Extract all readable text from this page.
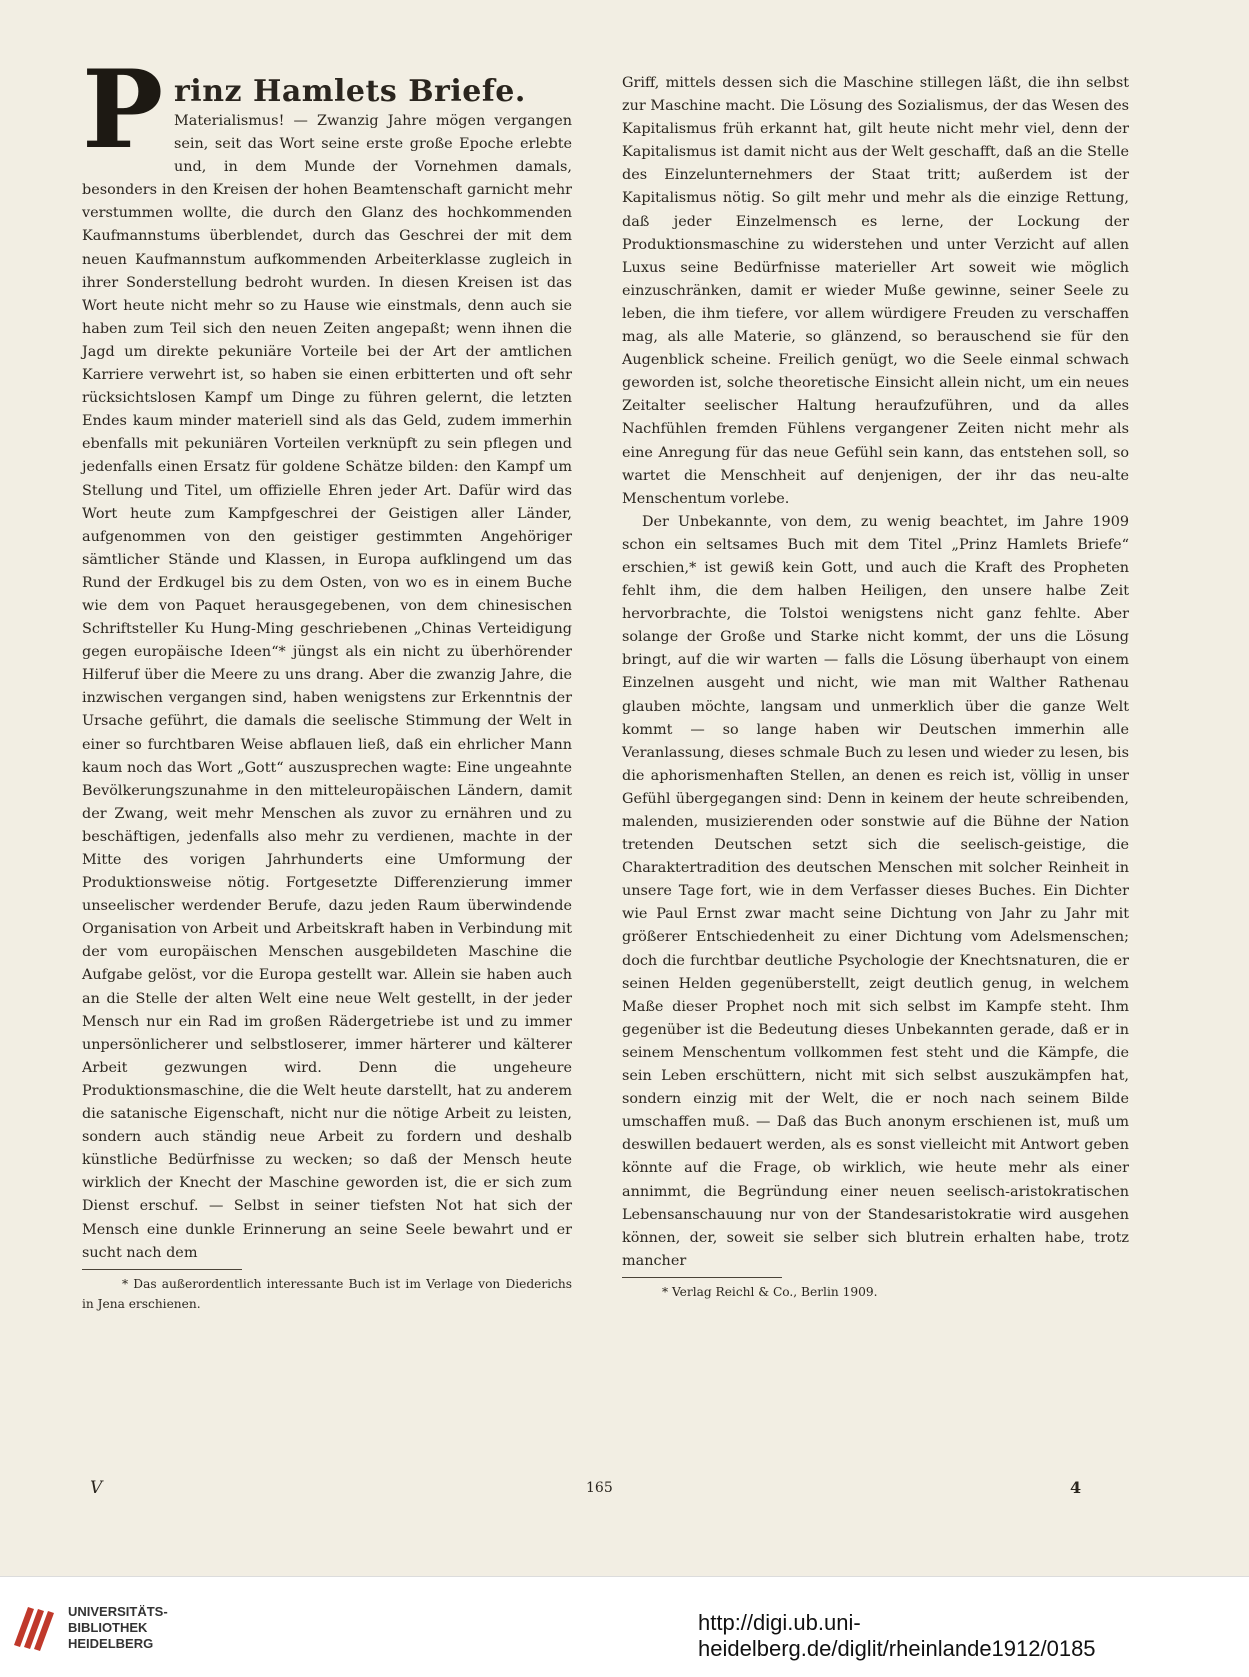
P rinz Hamlets Briefe.

Materialismus! — Zwanzig Jahre mögen vergangen sein, seit das Wort seine erste große Epoche erlebte und, in dem Munde der Vornehmen damals, besonders in den Kreisen der hohen Beamtenschaft garnicht mehr verstummen wollte, die durch den Glanz des hochkommenden Kaufmannstums überblendet, durch das Geschrei der mit dem neuen Kaufmannstum aufkommenden Arbeiterklasse zugleich in ihrer Sonderstellung bedroht wurden. In diesen Kreisen ist das Wort heute nicht mehr so zu Hause wie einstmals, denn auch sie haben zum Teil sich den neuen Zeiten angepaßt; wenn ihnen die Jagd um direkte pekuniäre Vorteile bei der Art der amtlichen Karriere verwehrt ist, so haben sie einen erbitterten und oft sehr rücksichtslosen Kampf um Dinge zu führen gelernt, die letzten Endes kaum minder materiell sind als das Geld, zudem immerhin ebenfalls mit pekuniären Vorteilen verknüpft zu sein pflegen und jedenfalls einen Ersatz für goldene Schätze bilden: den Kampf um Stellung und Titel, um offizielle Ehren jeder Art. Dafür wird das Wort heute zum Kampfgeschrei der Geistigen aller Länder, aufgenommen von den geistiger gestimmten Angehöriger sämtlicher Stände und Klassen, in Europa aufklingend um das Rund der Erdkugel bis zu dem Osten, von wo es in einem Buche wie dem von Paquet herausgegebenen, von dem chinesischen Schriftsteller Ku Hung-Ming geschriebenen „Chinas Verteidigung gegen europäische Ideen“* jüngst als ein nicht zu überhörender Hilferuf über die Meere zu uns drang. Aber die zwanzig Jahre, die inzwischen vergangen sind, haben wenigstens zur Erkenntnis der Ursache geführt, die damals die seelische Stimmung der Welt in einer so furchtbaren Weise abflauen ließ, daß ein ehrlicher Mann kaum noch das Wort „Gott“ auszusprechen wagte: Eine ungeahnte Bevölkerungszunahme in den mitteleuropäischen Ländern, damit der Zwang, weit mehr Menschen als zuvor zu ernähren und zu beschäftigen, jedenfalls also mehr zu verdienen, machte in der Mitte des vorigen Jahrhunderts eine Umformung der Produktionsweise nötig. Fortgesetzte Differenzierung immer unseelischer werdender Berufe, dazu jeden Raum überwindende Organisation von Arbeit und Arbeitskraft haben in Verbindung mit der vom europäischen Menschen ausgebildeten Maschine die Aufgabe gelöst, vor die Europa gestellt war. Allein sie haben auch an die Stelle der alten Welt eine neue Welt gestellt, in der jeder Mensch nur ein Rad im großen Rädergetriebe ist und zu immer unpersönlicherer und selbstloserer, immer härterer und kälterer Arbeit gezwungen wird. Denn die ungeheure Produktionsmaschine, die die Welt heute darstellt, hat zu anderem die satanische Eigenschaft, nicht nur die nötige Arbeit zu leisten, sondern auch ständig neue Arbeit zu fordern und deshalb künstliche Bedürfnisse zu wecken; so daß der Mensch heute wirklich der Knecht der Maschine geworden ist, die er sich zum Dienst erschuf. — Selbst in seiner tiefsten Not hat sich der Mensch eine dunkle Erinnerung an seine Seele bewahrt und er sucht nach dem

* Das außerordentlich interessante Buch ist im Verlage von Diederichs in Jena erschienen.

Griff, mittels dessen sich die Maschine stillegen läßt, die ihn selbst zur Maschine macht. Die Lösung des Sozialismus, der das Wesen des Kapitalismus früh erkannt hat, gilt heute nicht mehr viel, denn der Kapitalismus ist damit nicht aus der Welt geschafft, daß an die Stelle des Einzelunternehmers der Staat tritt; außerdem ist der Kapitalismus nötig. So gilt mehr und mehr als die einzige Rettung, daß jeder Einzelmensch es lerne, der Lockung der Produktionsmaschine zu widerstehen und unter Verzicht auf allen Luxus seine Bedürfnisse materieller Art soweit wie möglich einzuschränken, damit er wieder Muße gewinne, seiner Seele zu leben, die ihm tiefere, vor allem würdigere Freuden zu verschaffen mag, als alle Materie, so glänzend, so berauschend sie für den Augenblick scheine. Freilich genügt, wo die Seele einmal schwach geworden ist, solche theoretische Einsicht allein nicht, um ein neues Zeitalter seelischer Haltung heraufzuführen, und da alles Nachfühlen fremden Fühlens vergangener Zeiten nicht mehr als eine Anregung für das neue Gefühl sein kann, das entstehen soll, so wartet die Menschheit auf denjenigen, der ihr das neu-alte Menschentum vorlebe.

Der Unbekannte, von dem, zu wenig beachtet, im Jahre 1909 schon ein seltsames Buch mit dem Titel „Prinz Hamlets Briefe“ erschien,* ist gewiß kein Gott, und auch die Kraft des Propheten fehlt ihm, die dem halben Heiligen, den unsere halbe Zeit hervorbrachte, die Tolstoi wenigstens nicht ganz fehlte. Aber solange der Große und Starke nicht kommt, der uns die Lösung bringt, auf die wir warten — falls die Lösung überhaupt von einem Einzelnen ausgeht und nicht, wie man mit Walther Rathenau glauben möchte, langsam und unmerklich über die ganze Welt kommt — so lange haben wir Deutschen immerhin alle Veranlassung, dieses schmale Buch zu lesen und wieder zu lesen, bis die aphorismenhaften Stellen, an denen es reich ist, völlig in unser Gefühl übergegangen sind: Denn in keinem der heute schreibenden, malenden, musizierenden oder sonstwie auf die Bühne der Nation tretenden Deutschen setzt sich die seelisch-geistige, die Charaktertradition des deutschen Menschen mit solcher Reinheit in unsere Tage fort, wie in dem Verfasser dieses Buches. Ein Dichter wie Paul Ernst zwar macht seine Dichtung von Jahr zu Jahr mit größerer Entschiedenheit zu einer Dichtung vom Adelsmenschen; doch die furchtbar deutliche Psychologie der Knechtsnaturen, die er seinen Helden gegenüberstellt, zeigt deutlich genug, in welchem Maße dieser Prophet noch mit sich selbst im Kampfe steht. Ihm gegenüber ist die Bedeutung dieses Unbekannten gerade, daß er in seinem Menschentum vollkommen fest steht und die Kämpfe, die sein Leben erschüttern, nicht mit sich selbst auszukämpfen hat, sondern einzig mit der Welt, die er noch nach seinem Bilde umschaffen muß. — Daß das Buch anonym erschienen ist, muß um deswillen bedauert werden, als es sonst vielleicht mit Antwort geben könnte auf die Frage, ob wirklich, wie heute mehr als einer annimmt, die Begründung einer neuen seelisch-aristokratischen Lebensanschauung nur von der Standesaristokratie wird ausgehen können, der, soweit sie selber sich blutrein erhalten habe, trotz mancher

* Verlag Reichl & Co., Berlin 1909.

V	165	4
UNIVERSITÄTS-
BIBLIOTHEK
HEIDELBERG
http://digi.ub.uni-heidelberg.de/diglit/rheinlande1912/0185
